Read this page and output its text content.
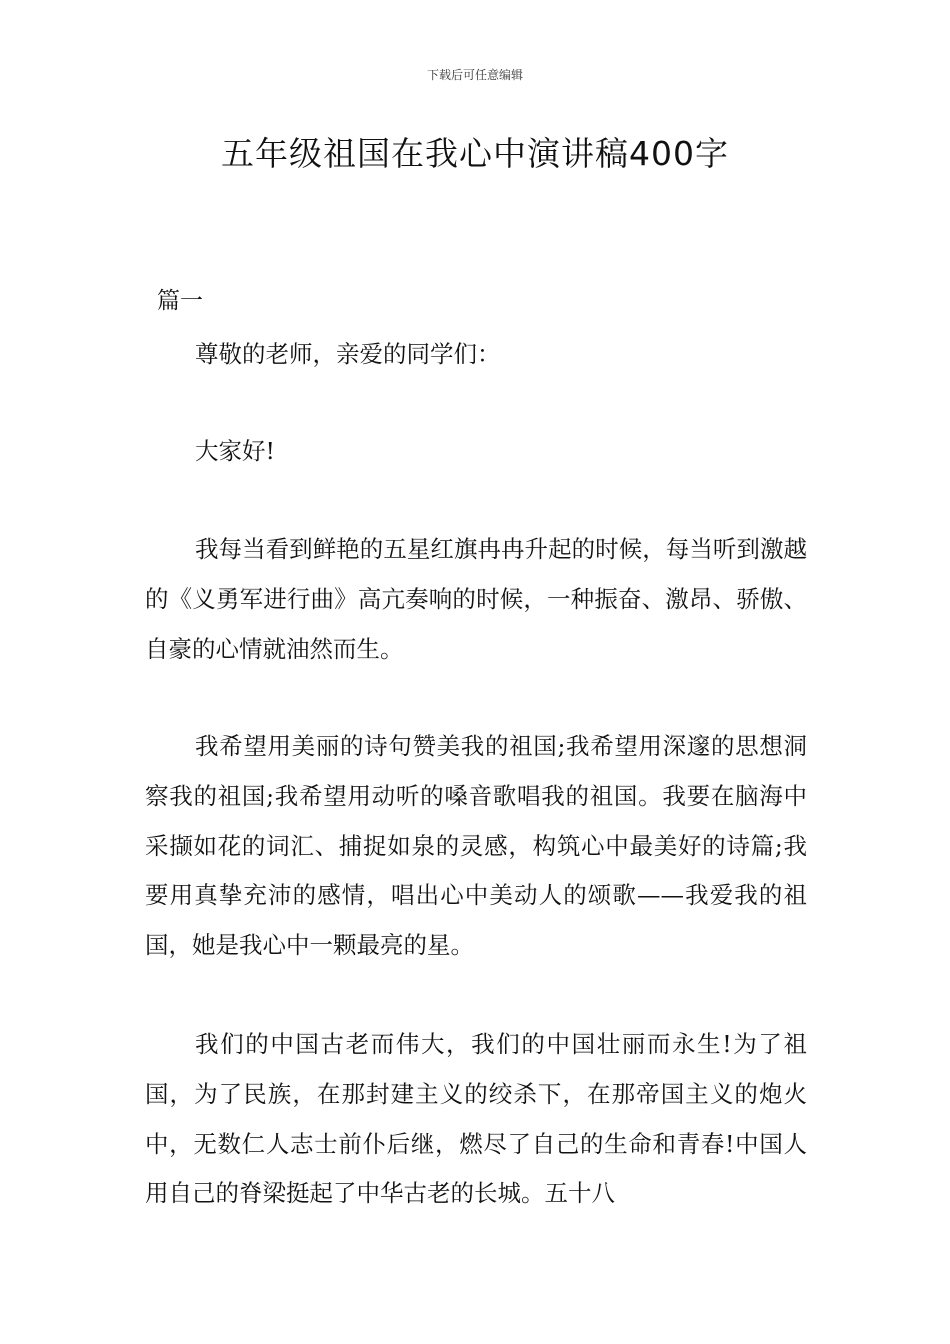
下载后可任意编辑
五年级祖国在我心中演讲稿400字
篇一

尊敬的老师，亲爱的同学们：

大家好!

我每当看到鲜艳的五星红旗冉冉升起的时候，每当听到激越的《义勇军进行曲》高亢奏响的时候，一种振奋、激昂、骄傲、自豪的心情就油然而生。

我希望用美丽的诗句赞美我的祖国;我希望用深邃的思想洞察我的祖国;我希望用动听的嗓音歌唱我的祖国。我要在脑海中采撷如花的词汇、捕捉如泉的灵感，构筑心中最美好的诗篇;我要用真挚充沛的感情，唱出心中美动人的颂歌——我爱我的祖国，她是我心中一颗最亮的星。

我们的中国古老而伟大，我们的中国壮丽而永生!为了祖国，为了民族，在那封建主义的绞杀下，在那帝国主义的炮火中，无数仁人志士前仆后继，燃尽了自己的生命和青春!中国人用自己的脊梁挺起了中华古老的长城。五十八
